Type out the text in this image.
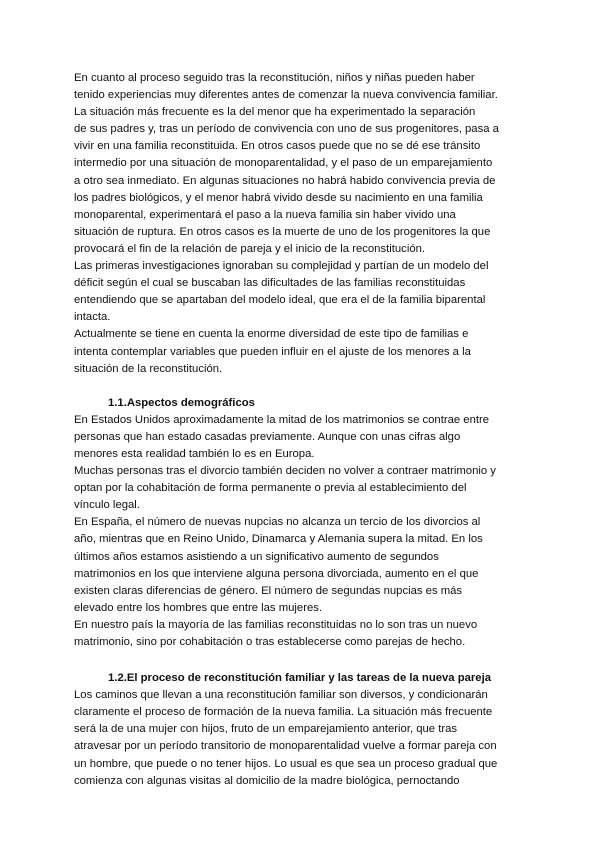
En cuanto al proceso seguido tras la reconstitución, niños y niñas pueden haber
tenido experiencias muy diferentes antes de comenzar la nueva convivencia familiar.

La situación más frecuente es la del menor que ha experimentado la separación
de sus padres y, tras un período de convivencia con uno de sus progenitores, pasa a
vivir en una familia reconstituida. En otros casos puede que no se dé ese tránsito
intermedio por una situación de monoparentalidad, y el paso de un emparejamiento
a otro sea inmediato. En algunas situaciones no habrá habido convivencia previa de
los padres biológicos, y el menor habrá vivido desde su nacimiento en una familia
monoparental, experimentará el paso a la nueva familia sin haber vivido una
situación de ruptura. En otros casos es la muerte de uno de los progenitores la que
provocará el fin de la relación de pareja y el inicio de la reconstitución.

Las primeras investigaciones ignoraban su complejidad y partían de un modelo del
déficit según el cual se buscaban las dificultades de las familias reconstituidas
entendiendo que se apartaban del modelo ideal, que era el de la familia biparental
intacta.

Actualmente se tiene en cuenta la enorme diversidad de este tipo de familias e
intenta contemplar variables que pueden influir en el ajuste de los menores a la
situación de la reconstitución.

1.1.Aspectos demográficos

En Estados Unidos aproximadamente la mitad de los matrimonios se contrae entre
personas que han estado casadas previamente. Aunque con unas cifras algo
menores esta realidad también lo es en Europa.

Muchas personas tras el divorcio también deciden no volver a contraer matrimonio y
optan por la cohabitación de forma permanente o previa al establecimiento del
vínculo legal.

En España, el número de nuevas nupcias no alcanza un tercio de los divorcios al
año, mientras que en Reino Unido, Dinamarca y Alemania supera la mitad. En los
últimos años estamos asistiendo a un significativo aumento de segundos
matrimonios en los que interviene alguna persona divorciada, aumento en el que
existen claras diferencias de género. El número de segundas nupcias es más
elevado entre los hombres que entre las mujeres.

En nuestro país la mayoría de las familias reconstituidas no lo son tras un nuevo
matrimonio, sino por cohabitación o tras establecerse como parejas de hecho.

1.2.El proceso de reconstitución familiar y las tareas de la nueva pareja

Los caminos que llevan a una reconstitución familiar son diversos, y condicionarán
claramente el proceso de formación de la nueva familia. La situación más frecuente
será la de una mujer con hijos, fruto de un emparejamiento anterior, que tras
atravesar por un período transitorio de monoparentalidad vuelve a formar pareja con
un hombre, que puede o no tener hijos. Lo usual es que sea un proceso gradual que
comienza con algunas visitas al domicilio de la madre biológica, pernoctando
